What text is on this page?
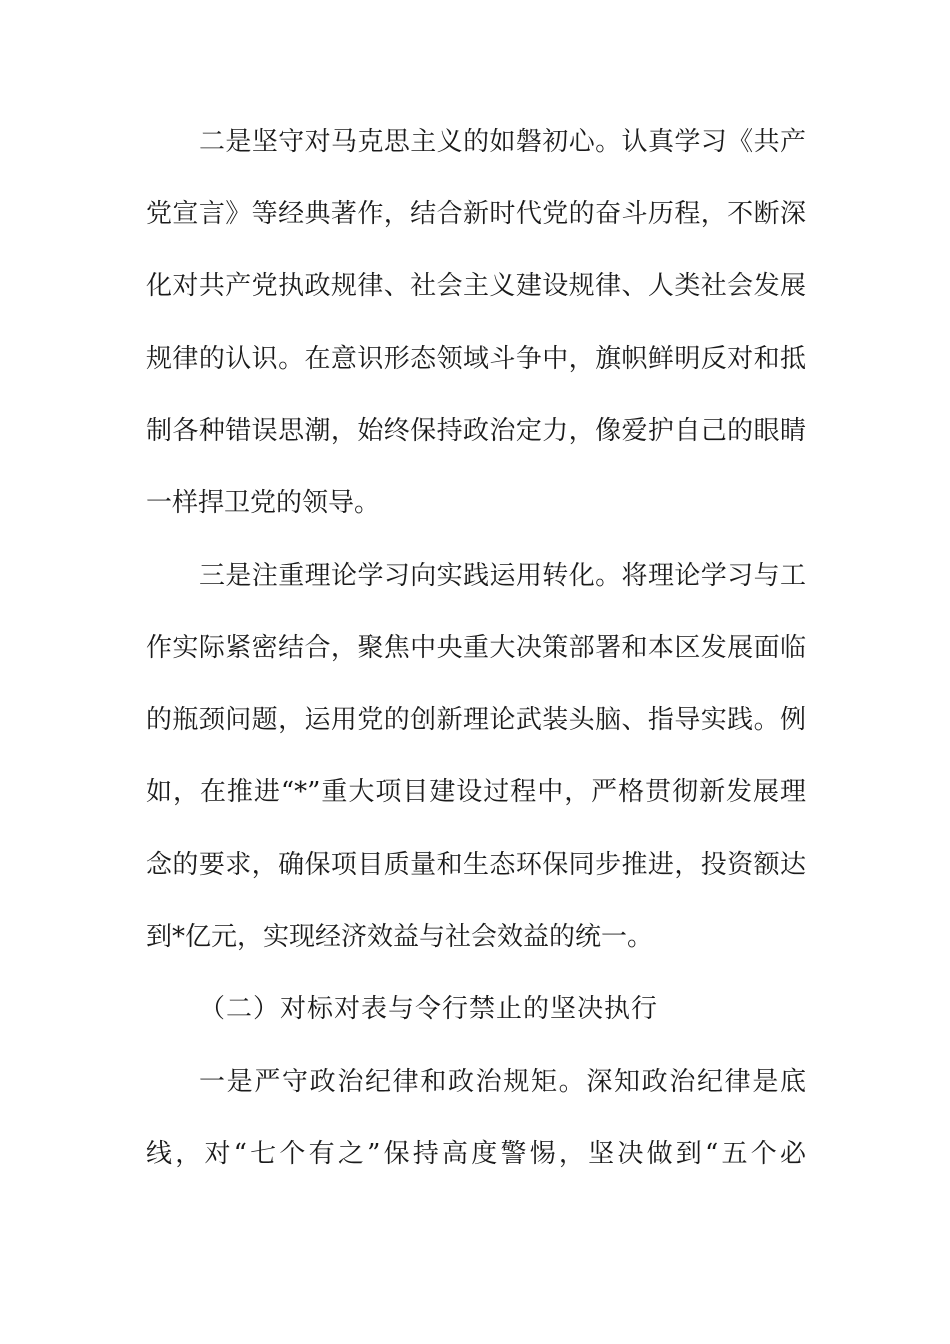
二是坚守对马克思主义的如磐初心。认真学习《共产
党宣言》等经典著作，结合新时代党的奋斗历程，不断深
化对共产党执政规律、社会主义建设规律、人类社会发展
规律的认识。在意识形态领域斗争中，旗帜鲜明反对和抵
制各种错误思潮，始终保持政治定力，像爱护自己的眼睛
一样捍卫党的领导。
三是注重理论学习向实践运用转化。将理论学习与工
作实际紧密结合，聚焦中央重大决策部署和本区发展面临
的瓶颈问题，运用党的创新理论武装头脑、指导实践。例
如，在推进“*”重大项目建设过程中，严格贯彻新发展理
念的要求，确保项目质量和生态环保同步推进，投资额达
到*亿元，实现经济效益与社会效益的统一。
（二）对标对表与令行禁止的坚决执行
一是严守政治纪律和政治规矩。深知政治纪律是底
线，对“七个有之”保持高度警惕，坚决做到“五个必
